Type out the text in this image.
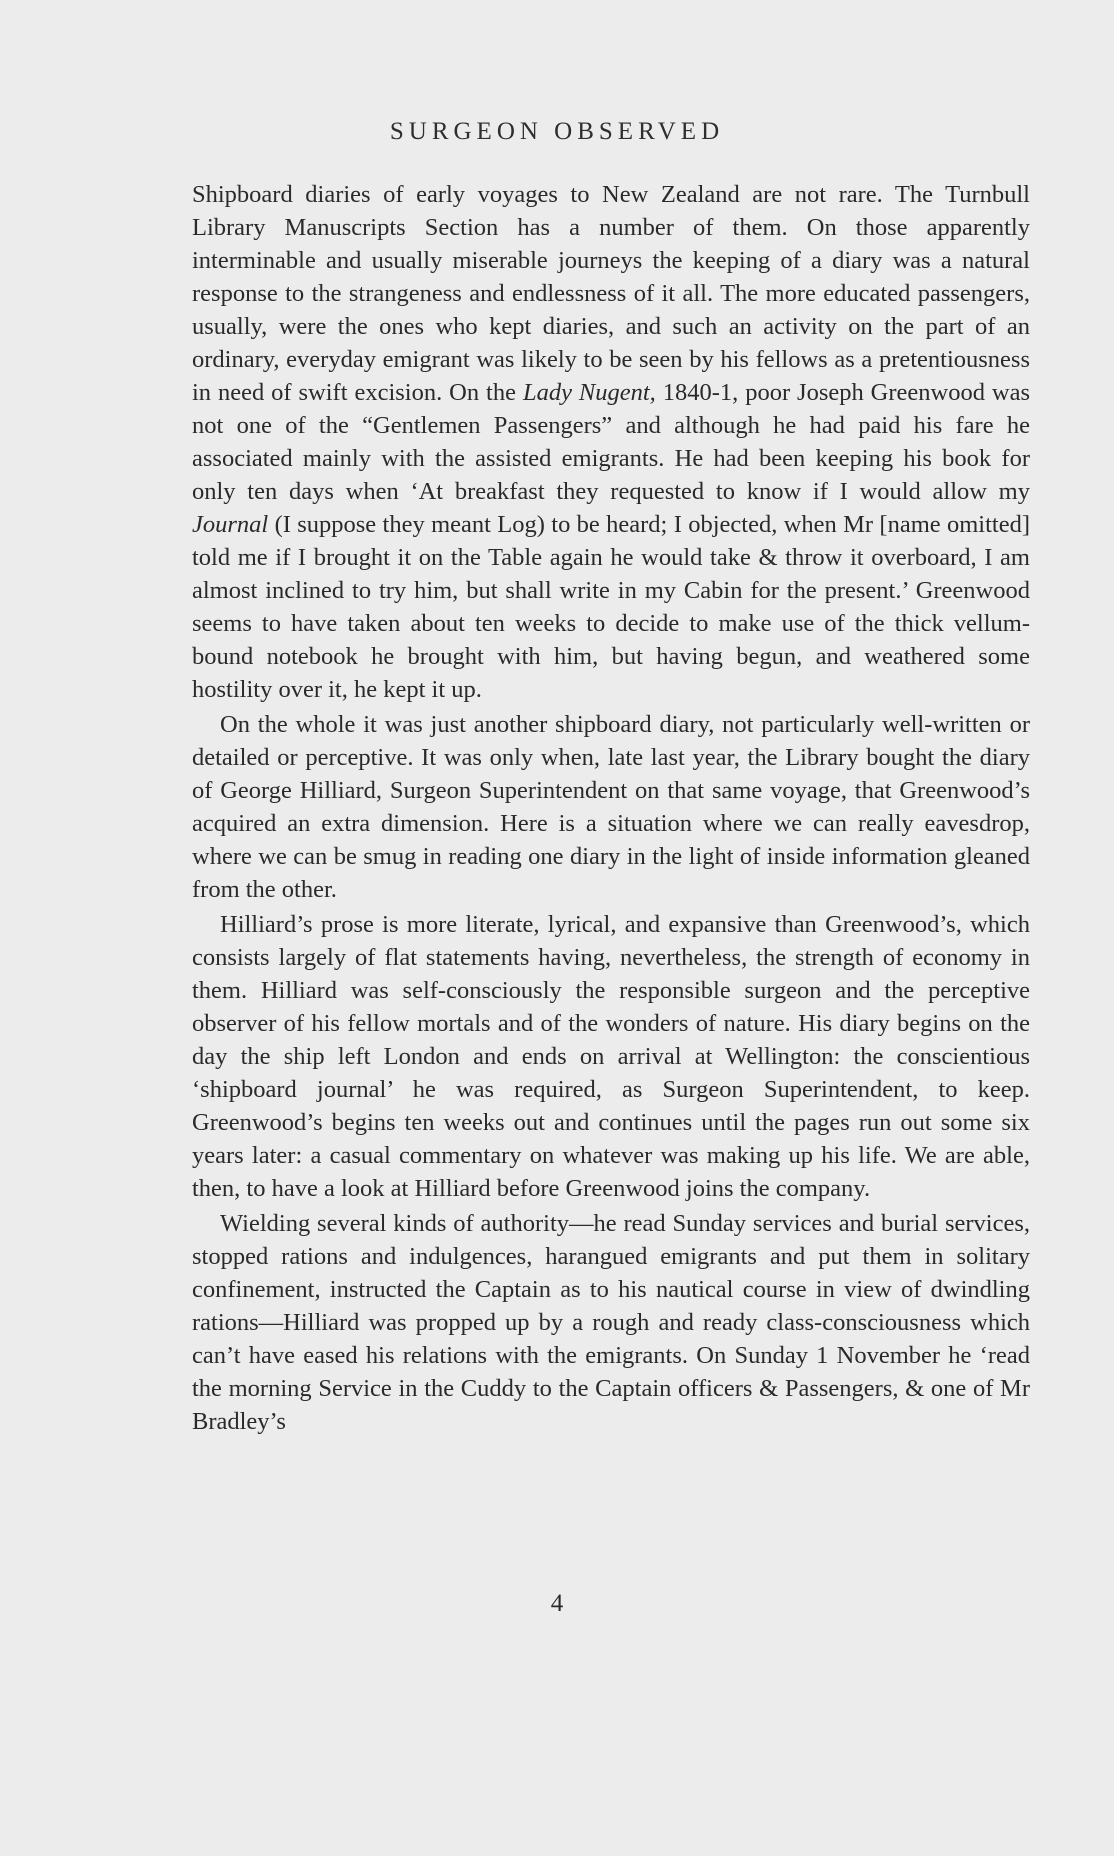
SURGEON OBSERVED

Shipboard diaries of early voyages to New Zealand are not rare. The Turnbull Library Manuscripts Section has a number of them. On those apparently interminable and usually miserable journeys the keeping of a diary was a natural response to the strangeness and endlessness of it all. The more educated passengers, usually, were the ones who kept diaries, and such an activity on the part of an ordinary, everyday emigrant was likely to be seen by his fellows as a pretentiousness in need of swift excision. On the Lady Nugent, 1840-1, poor Joseph Greenwood was not one of the “Gentlemen Passengers” and although he had paid his fare he associated mainly with the assisted emigrants. He had been keeping his book for only ten days when ‘At breakfast they requested to know if I would allow my Journal (I suppose they meant Log) to be heard; I objected, when Mr [name omitted] told me if I brought it on the Table again he would take & throw it overboard, I am almost inclined to try him, but shall write in my Cabin for the present.’ Greenwood seems to have taken about ten weeks to decide to make use of the thick vellum-bound notebook he brought with him, but having begun, and weathered some hostility over it, he kept it up.

On the whole it was just another shipboard diary, not particularly well-written or detailed or perceptive. It was only when, late last year, the Library bought the diary of George Hilliard, Surgeon Superintendent on that same voyage, that Greenwood’s acquired an extra dimension. Here is a situation where we can really eavesdrop, where we can be smug in reading one diary in the light of inside information gleaned from the other.

Hilliard’s prose is more literate, lyrical, and expansive than Greenwood’s, which consists largely of flat statements having, nevertheless, the strength of economy in them. Hilliard was self-consciously the responsible surgeon and the perceptive observer of his fellow mortals and of the wonders of nature. His diary begins on the day the ship left London and ends on arrival at Wellington: the conscientious ‘shipboard journal’ he was required, as Surgeon Superintendent, to keep. Greenwood’s begins ten weeks out and continues until the pages run out some six years later: a casual commentary on whatever was making up his life. We are able, then, to have a look at Hilliard before Greenwood joins the company.

Wielding several kinds of authority—he read Sunday services and burial services, stopped rations and indulgences, harangued emigrants and put them in solitary confinement, instructed the Captain as to his nautical course in view of dwindling rations—Hilliard was propped up by a rough and ready class-consciousness which can’t have eased his relations with the emigrants. On Sunday 1 November he ‘read the morning Service in the Cuddy to the Captain officers & Passengers, & one of Mr Bradley’s

4
